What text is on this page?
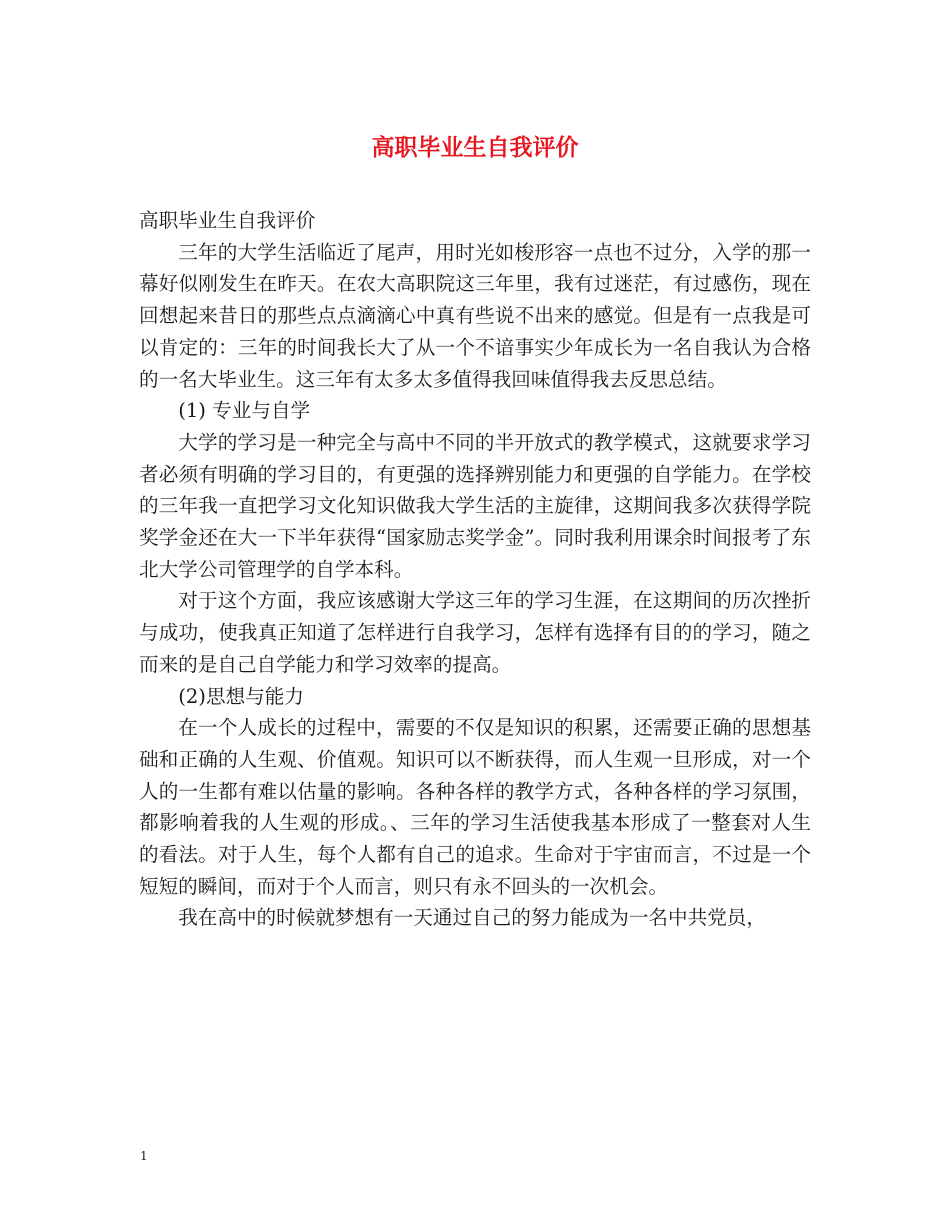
高职毕业生自我评价

高职毕业生自我评价

三年的大学生活临近了尾声，用时光如梭形容一点也不过分，入学的那一幕好似刚发生在昨天。在农大高职院这三年里，我有过迷茫，有过感伤，现在回想起来昔日的那些点点滴滴心中真有些说不出来的感觉。但是有一点我是可以肯定的：三年的时间我长大了从一个不谙事实少年成长为一名自我认为合格的一名大毕业生。这三年有太多太多值得我回味值得我去反思总结。

(1) 专业与自学

大学的学习是一种完全与高中不同的半开放式的教学模式，这就要求学习者必须有明确的学习目的，有更强的选择辨别能力和更强的自学能力。在学校的三年我一直把学习文化知识做我大学生活的主旋律，这期间我多次获得学院奖学金还在大一下半年获得“国家励志奖学金”。同时我利用课余时间报考了东北大学公司管理学的自学本科。

对于这个方面，我应该感谢大学这三年的学习生涯，在这期间的历次挫折与成功，使我真正知道了怎样进行自我学习，怎样有选择有目的的学习，随之而来的是自己自学能力和学习效率的提高。

(2)思想与能力

在一个人成长的过程中，需要的不仅是知识的积累，还需要正确的思想基础和正确的人生观、价值观。知识可以不断获得，而人生观一旦形成，对一个人的一生都有难以估量的影响。各种各样的教学方式，各种各样的学习氛围，都影响着我的人生观的形成。、三年的学习生活使我基本形成了一整套对人生的看法。对于人生，每个人都有自己的追求。生命对于宇宙而言，不过是一个短短的瞬间，而对于个人而言，则只有永不回头的一次机会。

我在高中的时候就梦想有一天通过自己的努力能成为一名中共党员，

1
